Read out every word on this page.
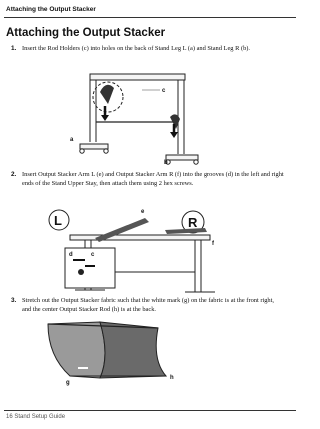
Attaching the Output Stacker
Attaching the Output Stacker
1. Insert the Rod Holders (c) into holes on the back of Stand Leg L (a) and Stand Leg R (b).
a
b
c
2. Insert Output Stacker Arm L (e) and Output Stacker Arm R (f) into the grooves (d) in the left and right ends of the Stand Upper Stay, then attach them using 2 hex screws.
L	R
e
f
d	c
3. Stretch out the Output Stacker fabric such that the white mark (g) on the fabric is at the front right, and the center Output Stacker Rod (h) is at the back.
g
h
16 Stand Setup Guide
